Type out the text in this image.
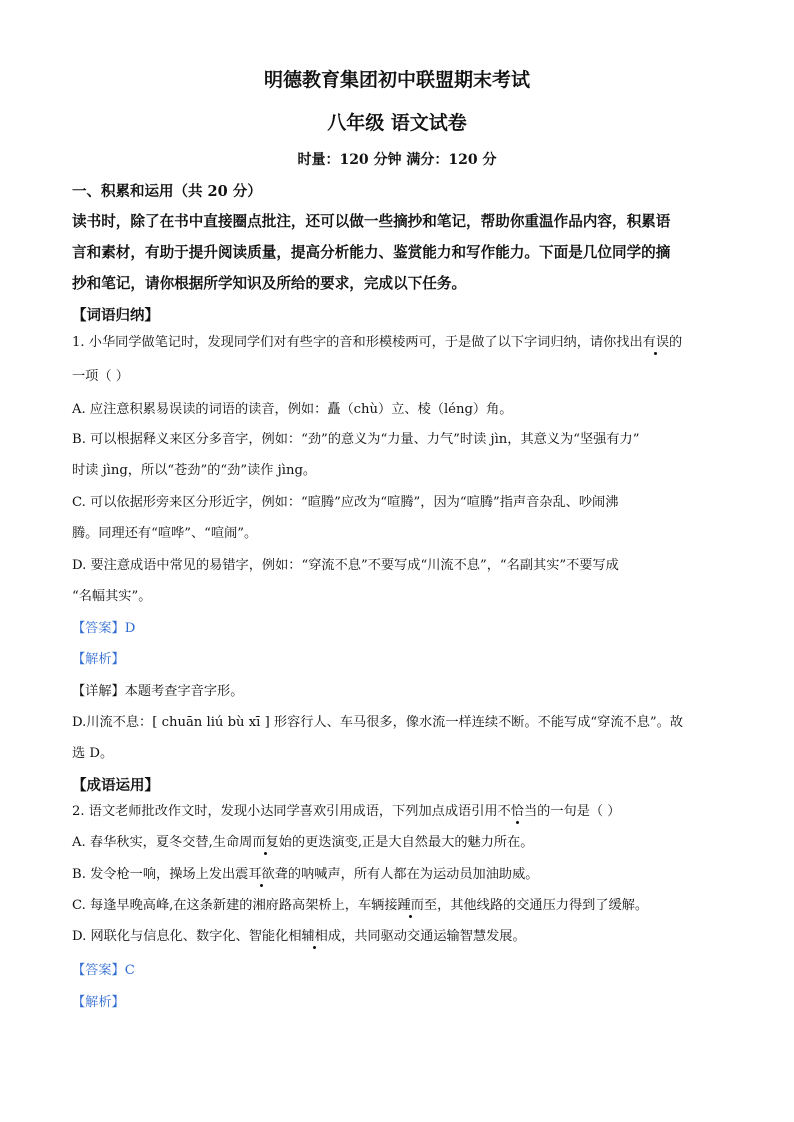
明德教育集团初中联盟期末考试
八年级 语文试卷
时量：120 分钟 满分：120 分
一、积累和运用（共 20 分）
读书时，除了在书中直接圈点批注，还可以做一些摘抄和笔记，帮助你重温作品内容，积累语
言和素材，有助于提升阅读质量，提高分析能力、鉴赏能力和写作能力。下面是几位同学的摘
抄和笔记，请你根据所学知识及所给的要求，完成以下任务。
【词语归纳】
1. 小华同学做笔记时，发现同学们对有些字的音和形模棱两可，于是做了以下字词归纳，请你找出有误的
一项（ ）
A. 应注意积累易误读的词语的读音，例如：矗（chù）立、棱（léng）角。
B. 可以根据释义来区分多音字，例如：“劲”的意义为“力量、力气”时读 jìn，其意义为“坚强有力”
时读 jìng，所以“苍劲”的“劲”读作 jìng。
C. 可以依据形旁来区分形近字，例如：“暄腾”应改为“喧腾”，因为“喧腾”指声音杂乱、吵闹沸
腾。同理还有“喧哗”、“喧闹”。
D. 要注意成语中常见的易错字，例如：“穿流不息”不要写成“川流不息”，“名副其实”不要写成
“名幅其实”。
【答案】D
【解析】
【详解】本题考查字音字形。
D.川流不息：[ chuān liú bù xī ] 形容行人、车马很多，像水流一样连续不断。不能写成“穿流不息”。故
选 D。
【成语运用】
2. 语文老师批改作文时，发现小达同学喜欢引用成语，下列加点成语引用不恰当的一句是（ ）
A. 春华秋实，夏冬交替,生命周而复始的更迭演变,正是大自然最大的魅力所在。
B. 发令枪一响，操场上发出震耳欲聋的呐喊声，所有人都在为运动员加油助威。
C. 每逢早晚高峰,在这条新建的湘府路高架桥上，车辆接踵而至，其他线路的交通压力得到了缓解。
D. 网联化与信息化、数字化、智能化相辅相成，共同驱动交通运输智慧发展。
【答案】C
【解析】
